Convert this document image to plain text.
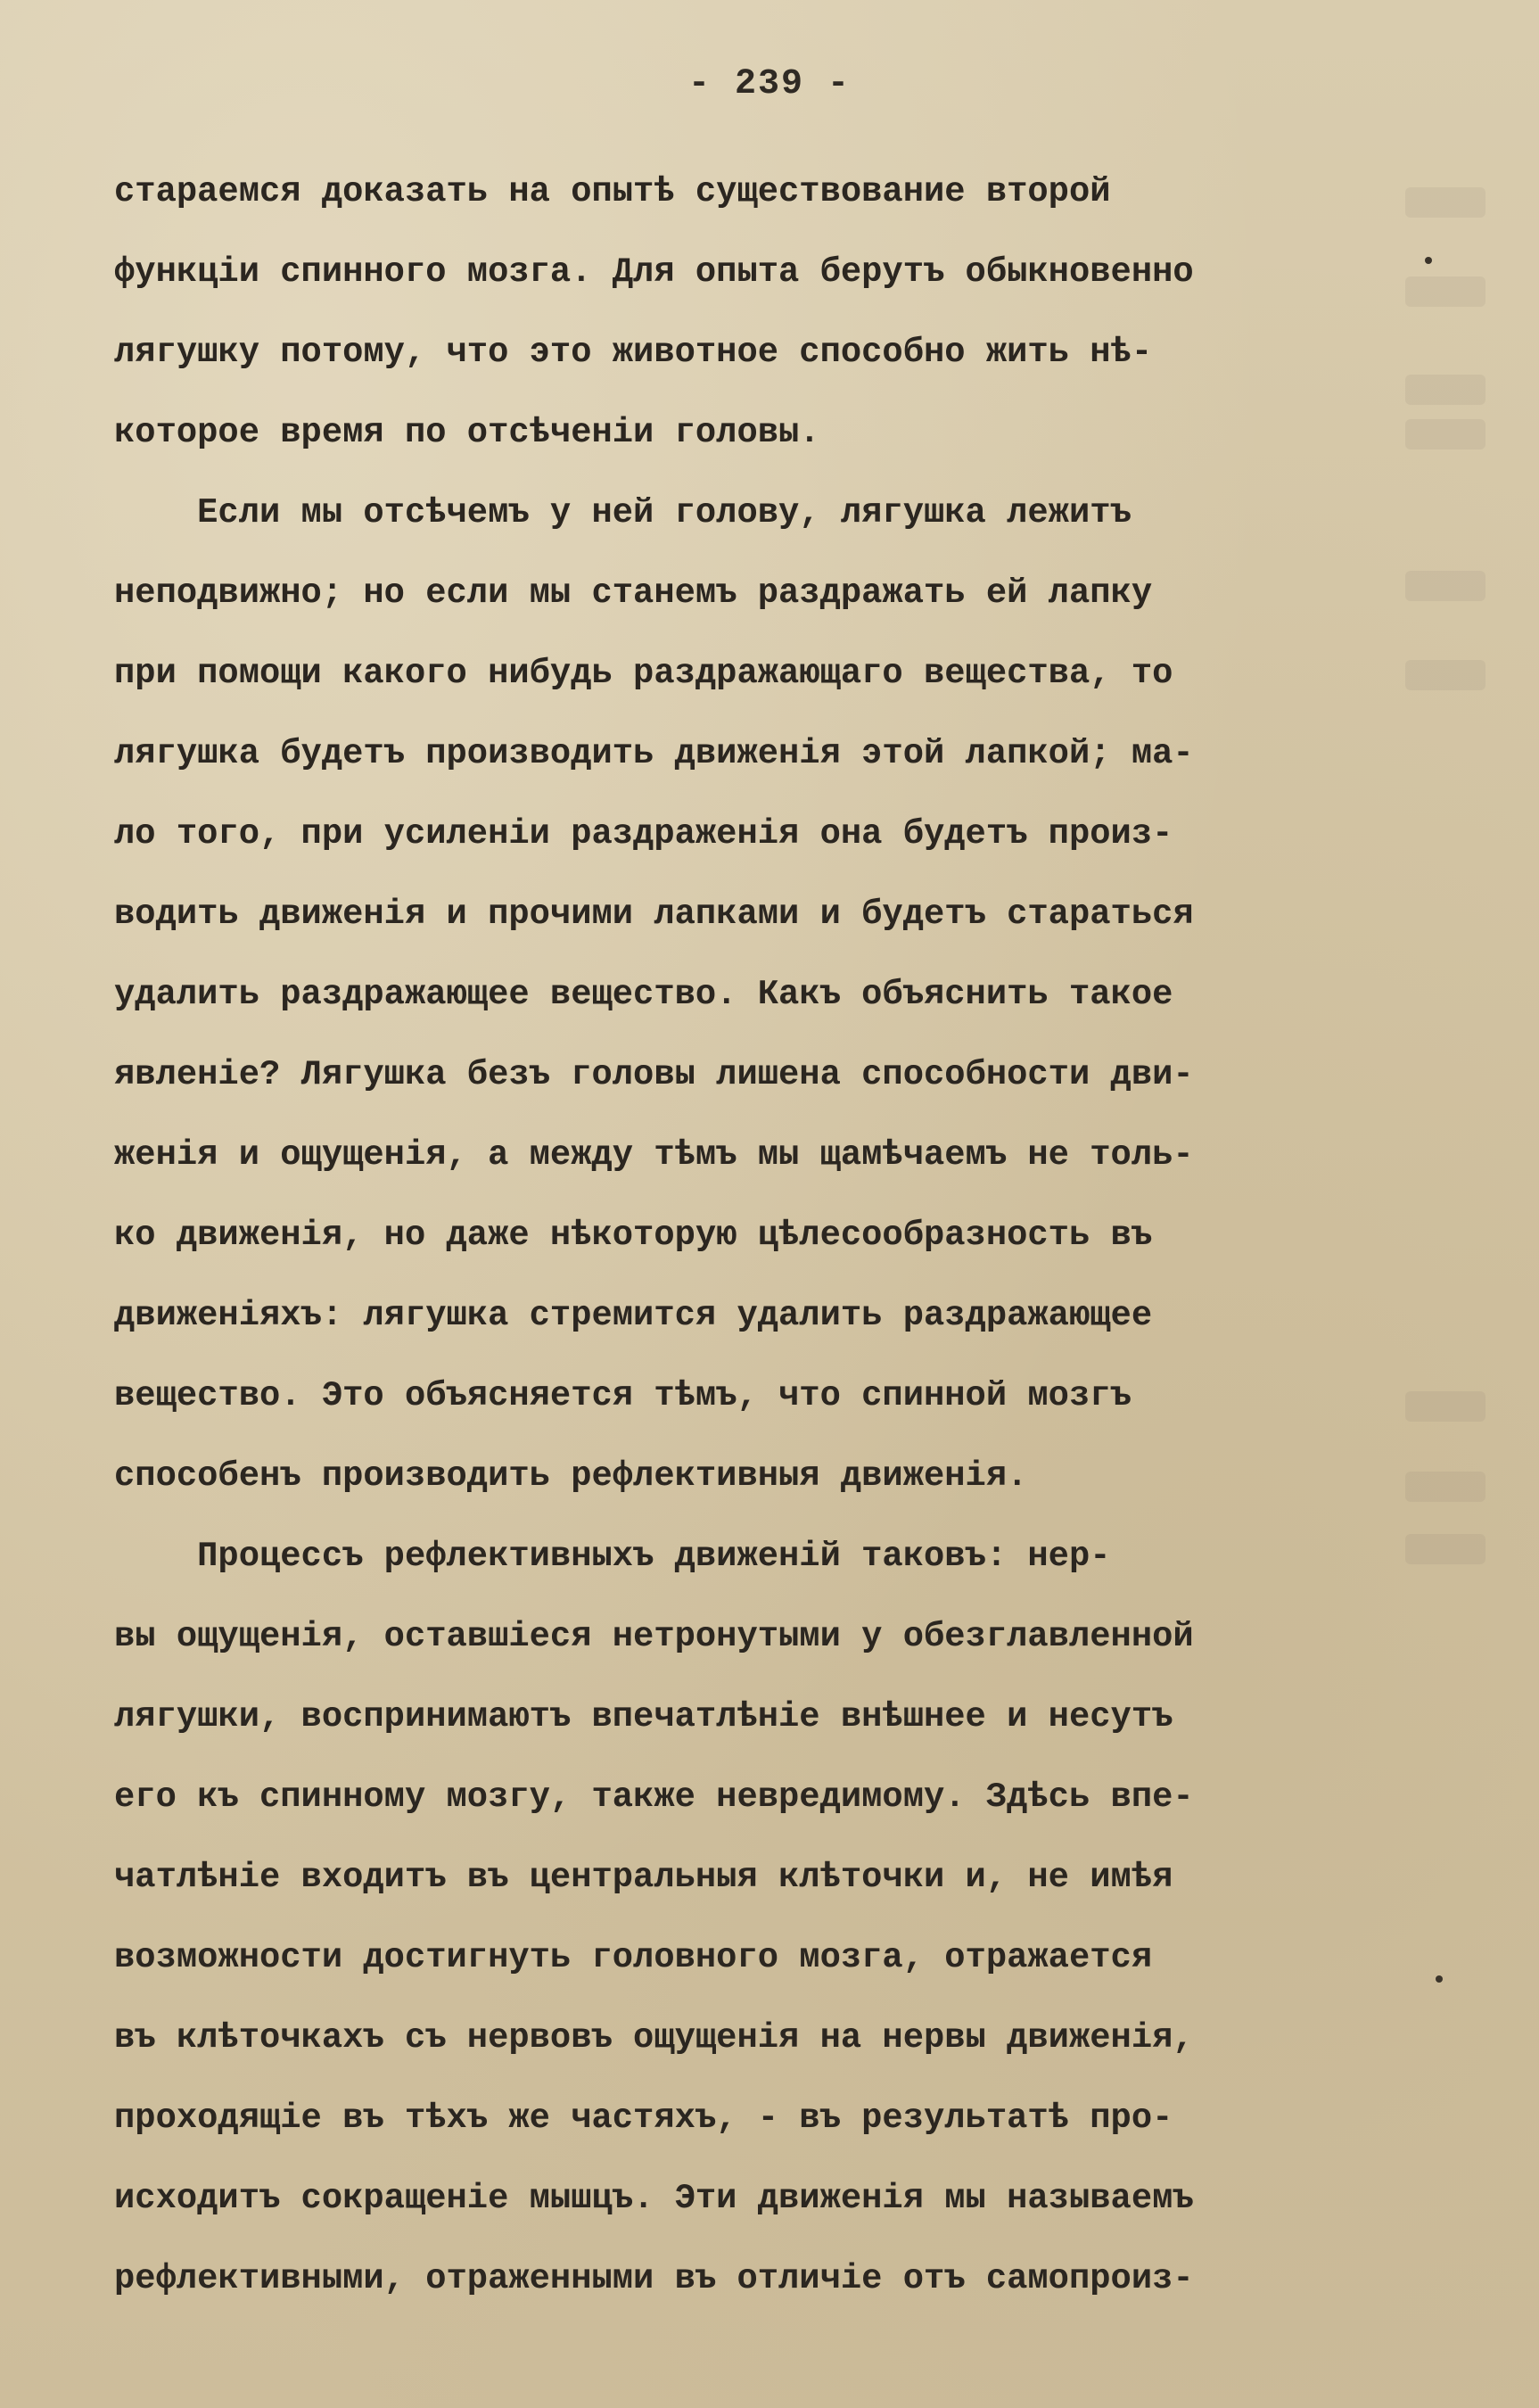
- 239 -
стараемся доказать на опытѣ существование второй
функціи спинного мозга. Для опыта берутъ обыкновенно
лягушку потому, что это животное способно жить нѣ-
которое время по отсѣченіи головы.
Если мы отсѣчемъ у ней голову, лягушка лежитъ
неподвижно; но если мы станемъ раздражать ей лапку
при помощи какого нибудь раздражающаго вещества, то
лягушка будетъ производить движенія этой лапкой; ма-
ло того, при усиленіи раздраженія она будетъ произ-
водить движенія и прочими лапками и будетъ стараться
удалить раздражающее вещество. Какъ объяснить такое
явленіе? Лягушка безъ головы лишена способности дви-
женія и ощущенія, а между тѣмъ мы щамѣчаемъ не толь-
ко движенія, но даже нѣкоторую цѣлесообразность въ
движеніяхъ: лягушка стремится удалить раздражающее
вещество. Это объясняется тѣмъ, что спинной мозгъ
способенъ производить рефлективныя движенія.
Процессъ рефлективныхъ движеній таковъ: нер-
вы ощущенія, оставшіеся нетронутыми у обезглавленной
лягушки, воспринимаютъ впечатлѣніе внѣшнее и несутъ
его къ спинному мозгу, также невредимому. Здѣсь впе-
чатлѣніе входитъ въ центральныя клѣточки и, не имѣя
возможности достигнуть головного мозга, отражается
въ клѣточкахъ съ нервовъ ощущенія на нервы движенія,
проходящіе въ тѣхъ же частяхъ, - въ результатѣ про-
исходитъ сокращеніе мышцъ. Эти движенія мы называемъ
рефлективными, отраженными въ отличіе отъ самопроиз-
